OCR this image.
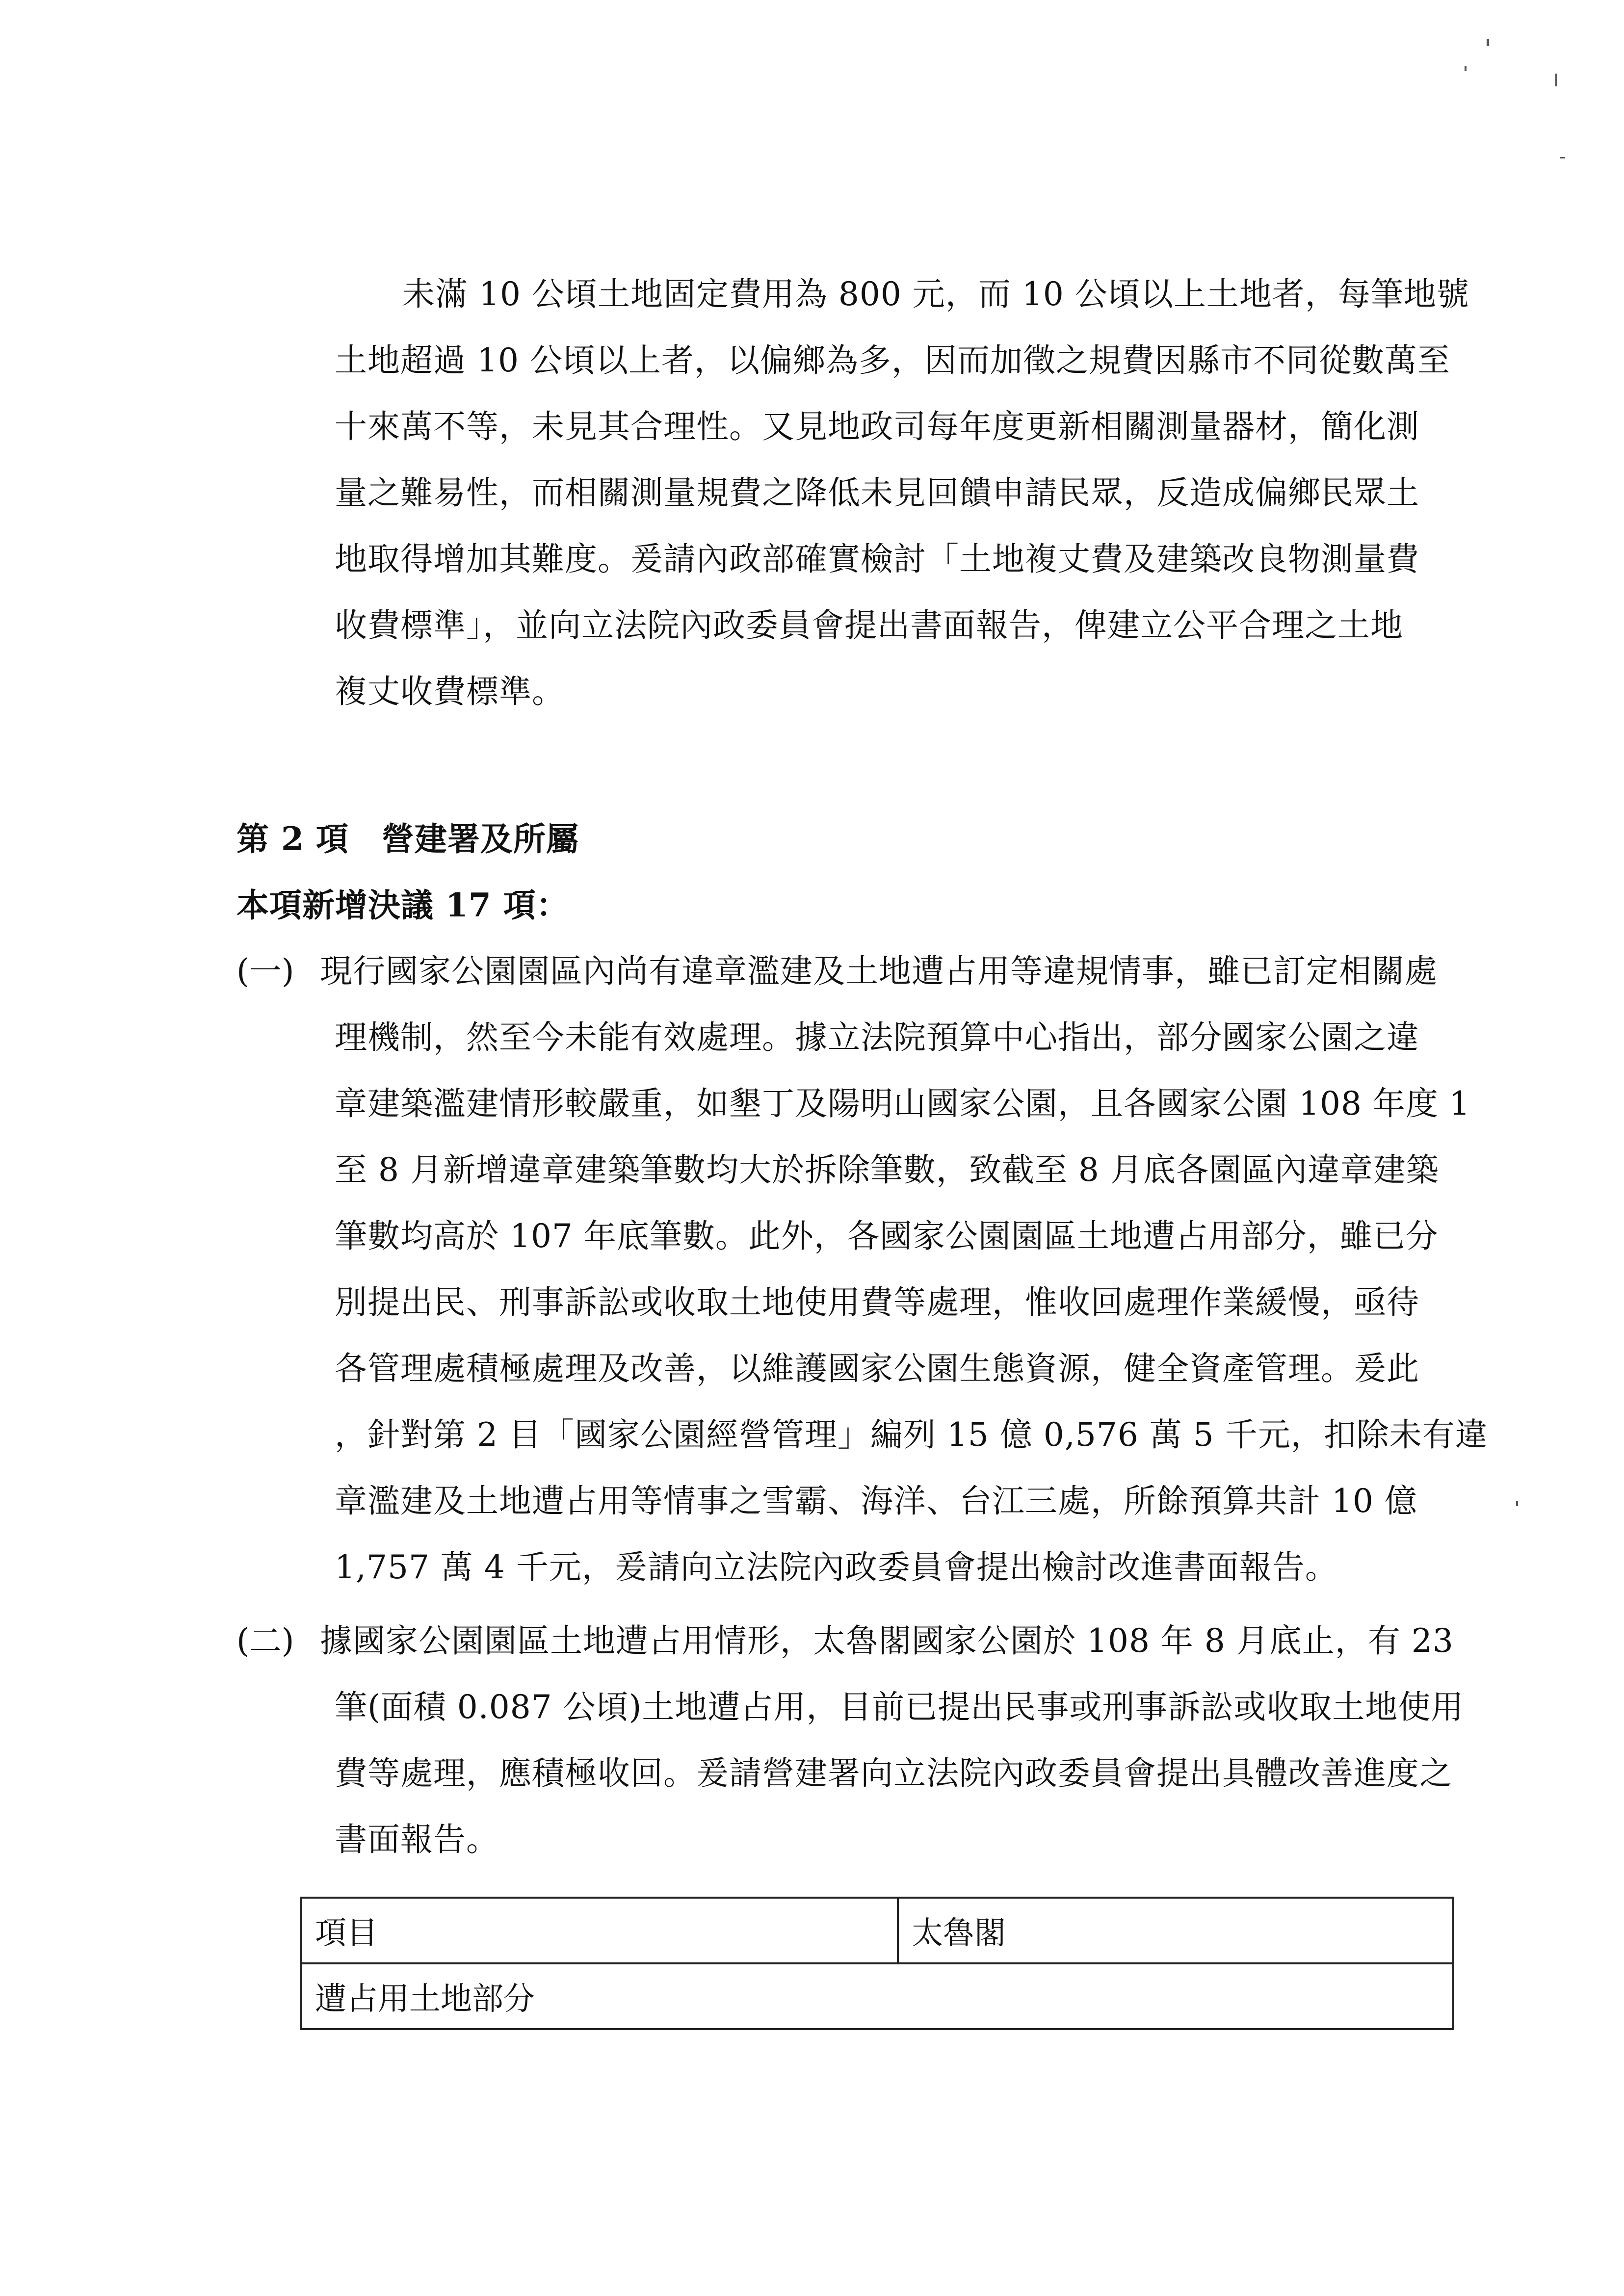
未滿 10 公頃土地固定費用為 800 元，而 10 公頃以上土地者，每筆地號
土地超過 10 公頃以上者，以偏鄉為多，因而加徵之規費因縣市不同從數萬至
十來萬不等，未見其合理性。又見地政司每年度更新相關測量器材，簡化測
量之難易性，而相關測量規費之降低未見回饋申請民眾，反造成偏鄉民眾土
地取得增加其難度。爰請內政部確實檢討「土地複丈費及建築改良物測量費
收費標準」，並向立法院內政委員會提出書面報告，俾建立公平合理之土地
複丈收費標準。
第 2 項　營建署及所屬
本項新增決議 17 項：
(一) 現行國家公園園區內尚有違章濫建及土地遭占用等違規情事，雖已訂定相關處
理機制，然至今未能有效處理。據立法院預算中心指出，部分國家公園之違
章建築濫建情形較嚴重，如墾丁及陽明山國家公園，且各國家公園 108 年度 1
至 8 月新增違章建築筆數均大於拆除筆數，致截至 8 月底各園區內違章建築
筆數均高於 107 年底筆數。此外，各國家公園園區土地遭占用部分，雖已分
別提出民、刑事訴訟或收取土地使用費等處理，惟收回處理作業緩慢，亟待
各管理處積極處理及改善，以維護國家公園生態資源，健全資產管理。爰此
，針對第 2 目「國家公園經營管理」編列 15 億 0,576 萬 5 千元，扣除未有違
章濫建及土地遭占用等情事之雪霸、海洋、台江三處，所餘預算共計 10 億
1,757 萬 4 千元，爰請向立法院內政委員會提出檢討改進書面報告。
(二) 據國家公園園區土地遭占用情形，太魯閣國家公園於 108 年 8 月底止，有 23
筆(面積 0.087 公頃)土地遭占用，目前已提出民事或刑事訴訟或收取土地使用
費等處理，應積極收回。爰請營建署向立法院內政委員會提出具體改善進度之
書面報告。
項目	太魯閣
遭占用土地部分
